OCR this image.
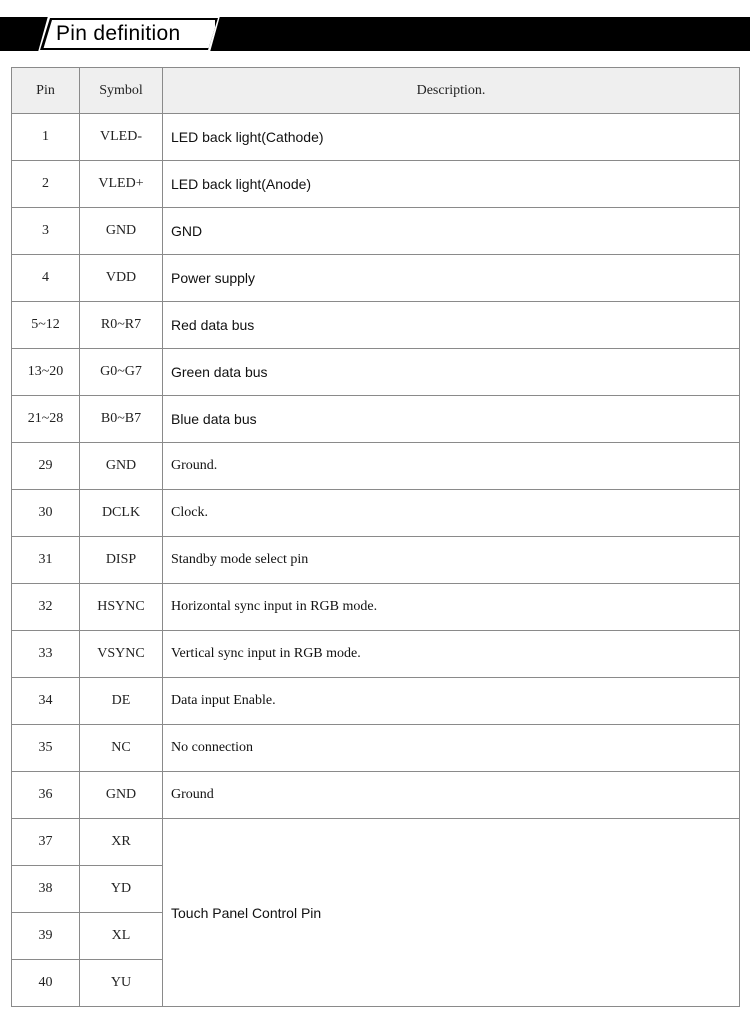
Pin definition
Pin	Symbol	Description.
1	VLED-	LED back light(Cathode)
2	VLED+	LED back light(Anode)
3	GND	GND
4	VDD	Power supply
5~12	R0~R7	Red data bus
13~20	G0~G7	Green data bus
21~28	B0~B7	Blue data bus
29	GND	Ground.
30	DCLK	Clock.
31	DISP	Standby mode select pin
32	HSYNC	Horizontal sync input in RGB mode.
33	VSYNC	Vertical sync input in RGB mode.
34	DE	Data input Enable.
35	NC	No connection
36	GND	Ground
37	XR	Touch Panel Control Pin
38	YD	
39	XL	
40	YU	
